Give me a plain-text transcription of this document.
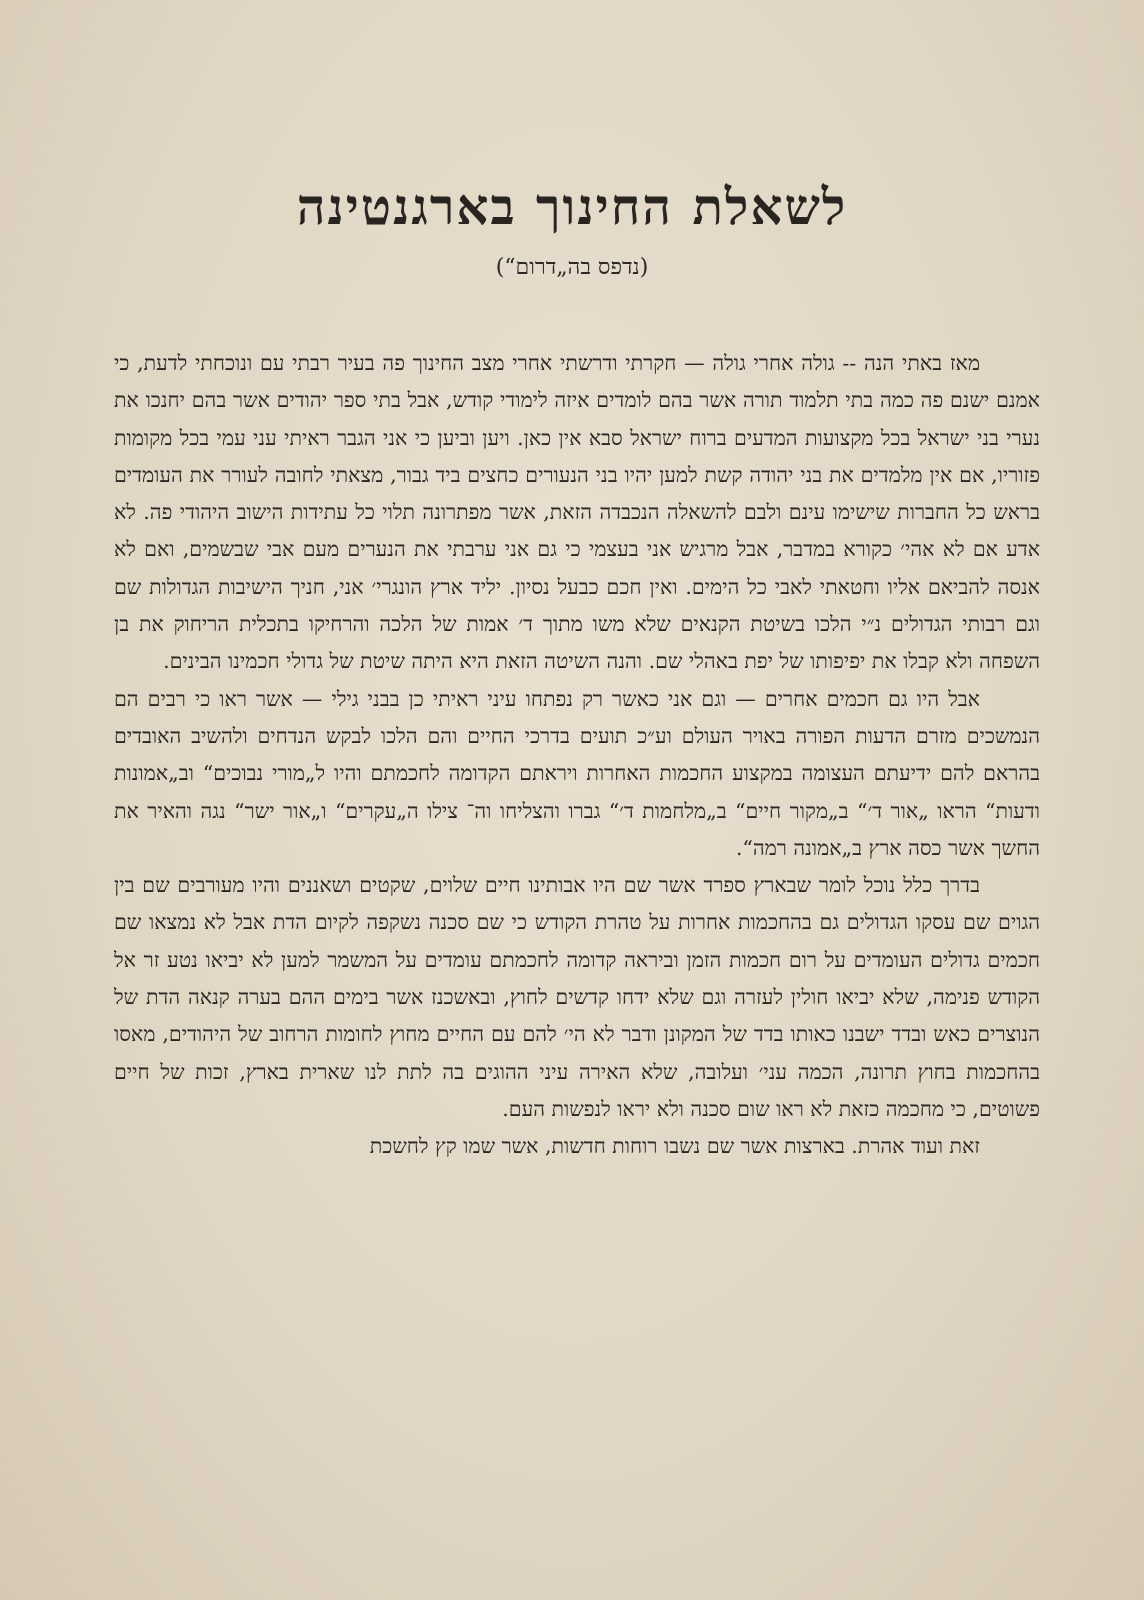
לשאלת החינוך בארגנטינה
(נדפס בה„דרום“)

מאז באתי הנה -- גולה אחרי גולה — חקרתי ודרשתי אחרי מצב החינוך פה בעיר רבתי עם ונוכחתי לדעת, כי אמנם ישנם פה כמה בתי תלמוד תורה אשר בהם לומדים איזה לימודי קודש, אבל בתי ספר יהודים אשר בהם יחנכו את נערי בני ישראל בכל מקצועות המדעים ברוח ישראל סבא אין כאן. ויען וביען כי אני הגבר ראיתי עני עמי בכל מקומות פזוריו, אם אין מלמדים את בני יהודה קשת למען יהיו בני הנעורים כחצים ביד גבור, מצאתי לחובה לעורר את העומדים בראש כל החברות שישימו עינם ולבם להשאלה הנכבדה הזאת, אשר מפתרונה תלוי כל עתידות הישוב היהודי פה. לא אדע אם לא אהי׳ כקורא במדבר, אבל מרגיש אני בעצמי כי גם אני ערבתי את הנערים מעם אבי שבשמים, ואם לא אנסה להביאם אליו וחטאתי לאבי כל הימים. ואין חכם כבעל נסיון. יליד ארץ הונגרי׳ אני, חניך הישיבות הגדולות שם וגם רבותי הגדולים נ״י הלכו בשיטת הקנאים שלא משו מתוך ד׳ אמות של הלכה והרחיקו בתכלית הריחוק את בן השפחה ולא קבלו את יפיפותו של יפת באהלי שם. והנה השיטה הזאת היא היתה שיטת של גדולי חכמינו הבינים.

אבל היו גם חכמים אחרים — וגם אני כאשר רק נפתחו עיני ראיתי כן בבני גילי — אשר ראו כי רבים הם הנמשכים מזרם הדעות הפורה באויר העולם וע״כ תועים בדרכי החיים והם הלכו לבקש הנדחים ולהשיב האובדים בהראם להם ידיעתם העצומה במקצוע החכמות האחרות ויראתם הקדומה לחכמתם והיו ל„מורי נבוכים“ וב„אמונות ודעות“ הראו „אור ד׳“ ב„מקור חיים“ ב„מלחמות ד׳“ גברו והצליחו וה־ צילו ה„עקרים“ ו„אור ישר“ נגה והאיר את החשך אשר כסה ארץ ב„אמונה רמה“.

בדרך כלל נוכל לומר שבארץ ספרד אשר שם היו אבותינו חיים שלוים, שקטים ושאננים והיו מעורבים שם בין הגוים שם עסקו הגדולים גם בהחכמות אחרות על טהרת הקודש כי שם סכנה נשקפה לקיום הדת אבל לא נמצאו שם חכמים גדולים העומדים על רום חכמות הזמן וביראה קדומה לחכמתם עומדים על המשמר למען לא יביאו נטע זר אל הקודש פנימה, שלא יביאו חולין לעזרה וגם שלא ידחו קדשים לחוץ, ובאשכנז אשר בימים ההם בערה קנאה הדת של הנוצרים כאש ובדד ישבנו כאותו בדד של המקונן ודבר לא הי׳ להם עם החיים מחוץ לחומות הרחוב של היהודים, מאסו בהחכמות בחוץ תרונה, הכמה עני׳ ועלובה, שלא האירה עיני ההוגים בה לתת לנו שארית בארץ, זכות של חיים פשוטים, כי מחכמה כזאת לא ראו שום סכנה ולא יראו לנפשות העם.

זאת ועוד אהרת. בארצות אשר שם נשבו רוחות חדשות, אשר שמו קץ לחשכת
